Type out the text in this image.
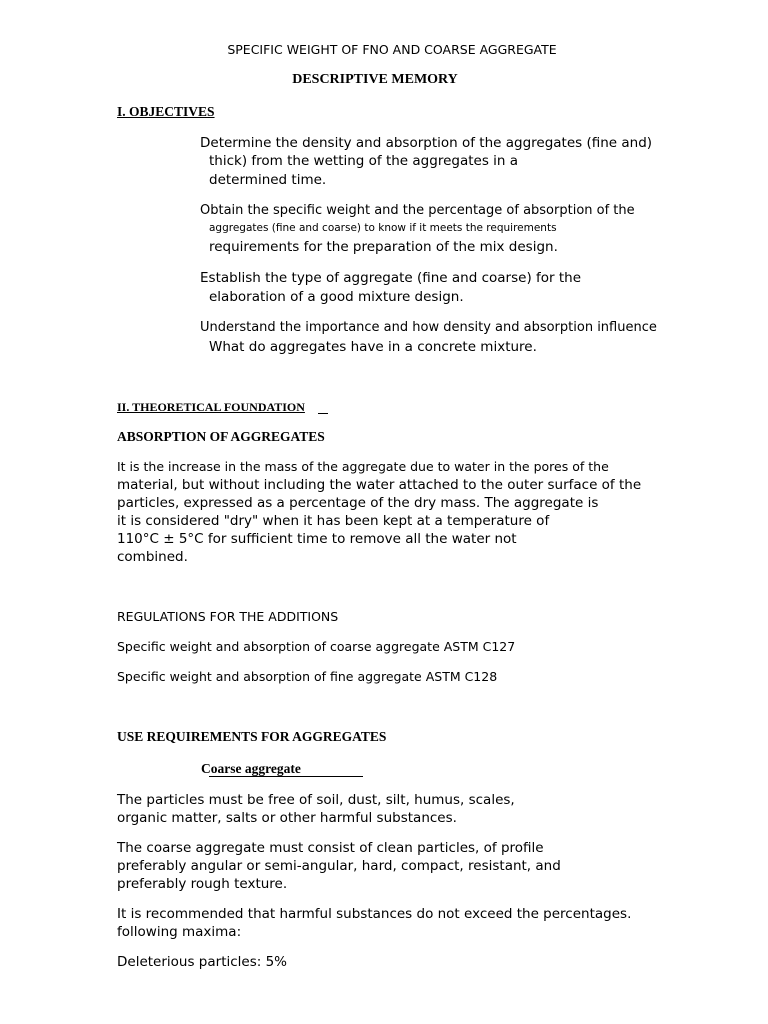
SPECIFIC WEIGHT OF FNO AND COARSE AGGREGATE
DESCRIPTIVE MEMORY
I. OBJECTIVES
Determine the density and absorption of the aggregates (fine and)
thick) from the wetting of the aggregates in a
determined time.
Obtain the specific weight and the percentage of absorption of the
aggregates (fine and coarse) to know if it meets the requirements
requirements for the preparation of the mix design.
Establish the type of aggregate (fine and coarse) for the
elaboration of a good mixture design.
Understand the importance and how density and absorption influence
What do aggregates have in a concrete mixture.
II. THEORETICAL FOUNDATION
ABSORPTION OF AGGREGATES
It is the increase in the mass of the aggregate due to water in the pores of the
material, but without including the water attached to the outer surface of the
particles, expressed as a percentage of the dry mass. The aggregate is
it is considered "dry" when it has been kept at a temperature of
110°C ± 5°C for sufficient time to remove all the water not
combined.
REGULATIONS FOR THE ADDITIONS
Specific weight and absorption of coarse aggregate ASTM C127
Specific weight and absorption of fine aggregate ASTM C128
USE REQUIREMENTS FOR AGGREGATES
Coarse aggregate
The particles must be free of soil, dust, silt, humus, scales,
organic matter, salts or other harmful substances.
The coarse aggregate must consist of clean particles, of profile
preferably angular or semi-angular, hard, compact, resistant, and
preferably rough texture.
It is recommended that harmful substances do not exceed the percentages.
following maxima:
Deleterious particles: 5%
